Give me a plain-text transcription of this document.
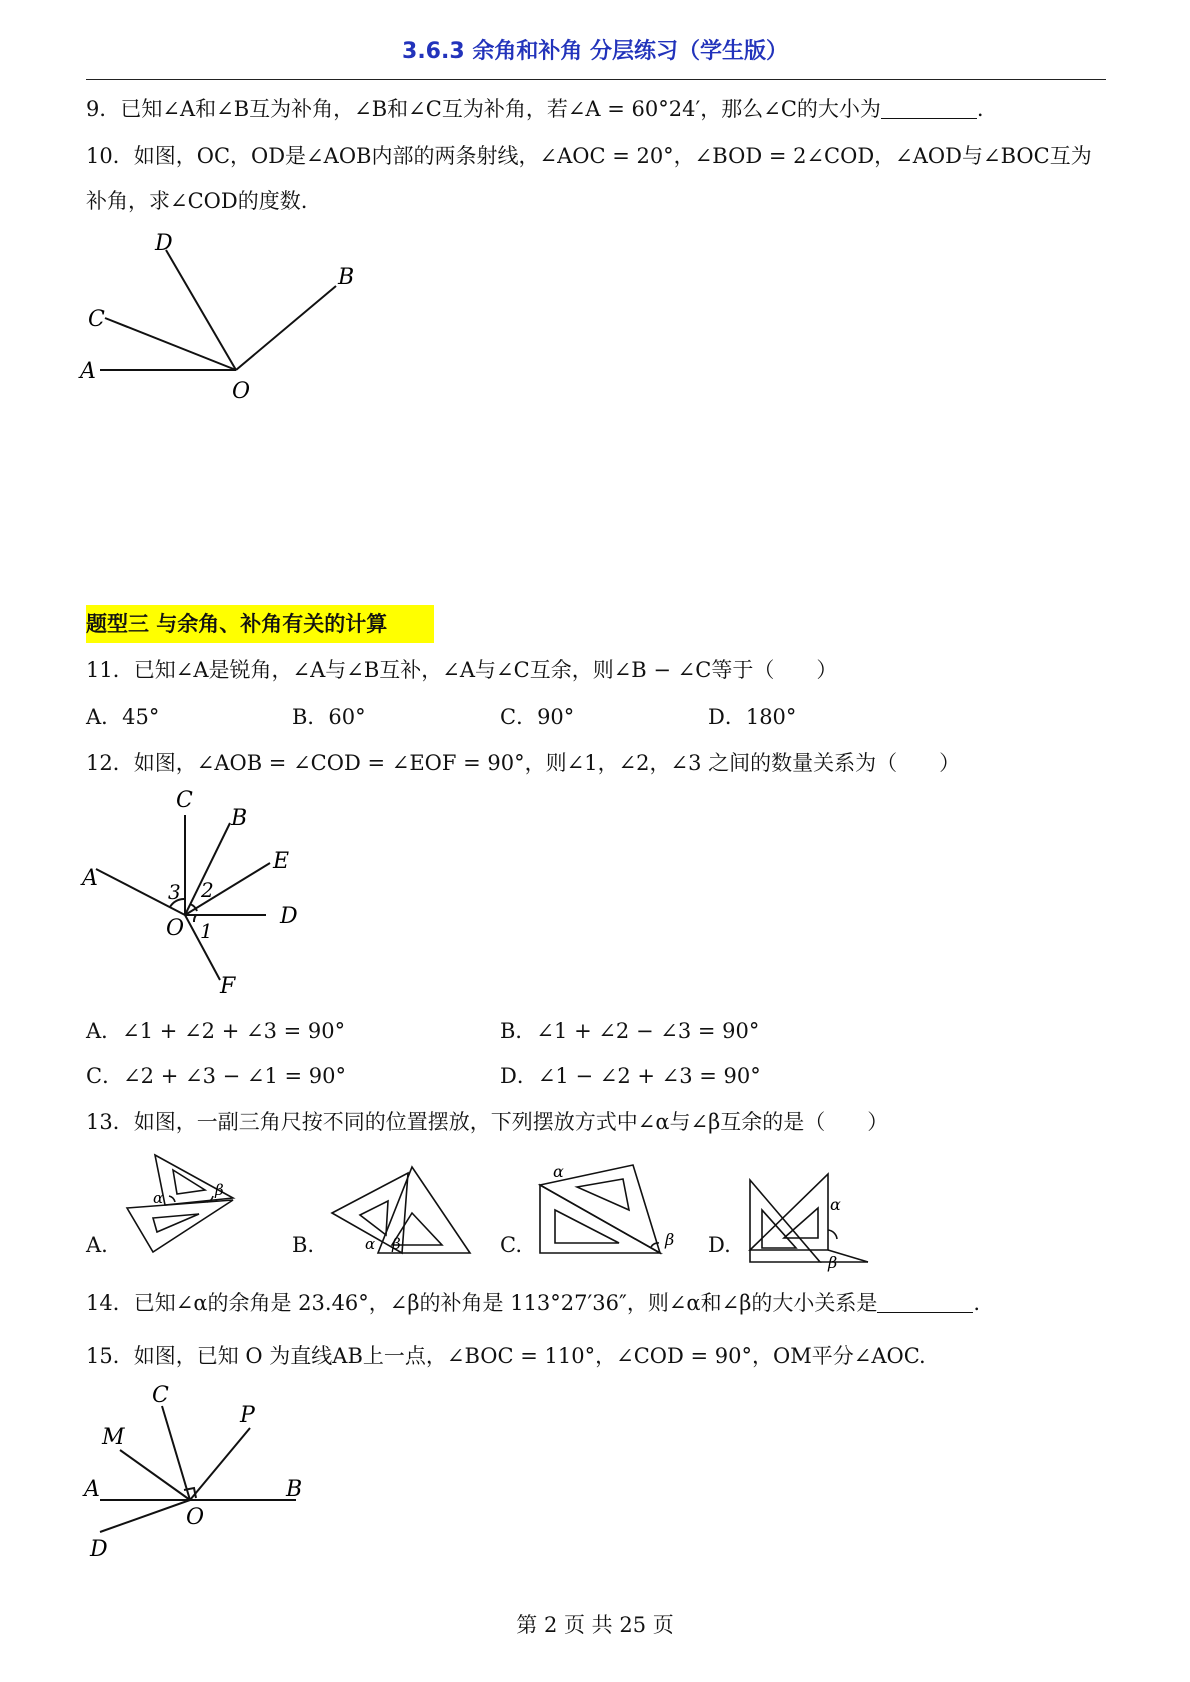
3.6.3 余角和补角 分层练习（学生版）
9．已知∠A和∠B互为补角，∠B和∠C互为补角，若∠A = 60°24′，那么∠C的大小为	.
10．如图，OC，OD是∠AOB内部的两条射线，∠AOC = 20°，∠BOD = 2∠COD，∠AOD与∠BOC互为
补角，求∠COD的度数.
D
B
C
A
O
题型三 与余角、补角有关的计算
11．已知∠A是锐角，∠A与∠B互补，∠A与∠C互余，则∠B − ∠C等于（　　）
A．45°	B．60°	C．90°	D．180°
12．如图，∠AOB = ∠COD = ∠EOF = 90°，则∠1，∠2，∠3 之间的数量关系为（　　）
C
B
E
A
D
O
F
1
2
3
A．∠1 + ∠2 + ∠3 = 90°	B．∠1 + ∠2 − ∠3 = 90°
C．∠2 + ∠3 − ∠1 = 90°	D．∠1 − ∠2 + ∠3 = 90°
13．如图，一副三角尺按不同的位置摆放，下列摆放方式中∠α与∠β互余的是（　　）
A.	B.	C.	D.
α	β
α β
α
β
α
β
14．已知∠α的余角是 23.46°，∠β的补角是 113°27′36″，则∠α和∠β的大小关系是	.
15．如图，已知 O 为直线AB上一点，∠BOC = 110°，∠COD = 90°，OM平分∠AOC.
C
P
M
A	B
O
D
第 2 页 共 25 页
